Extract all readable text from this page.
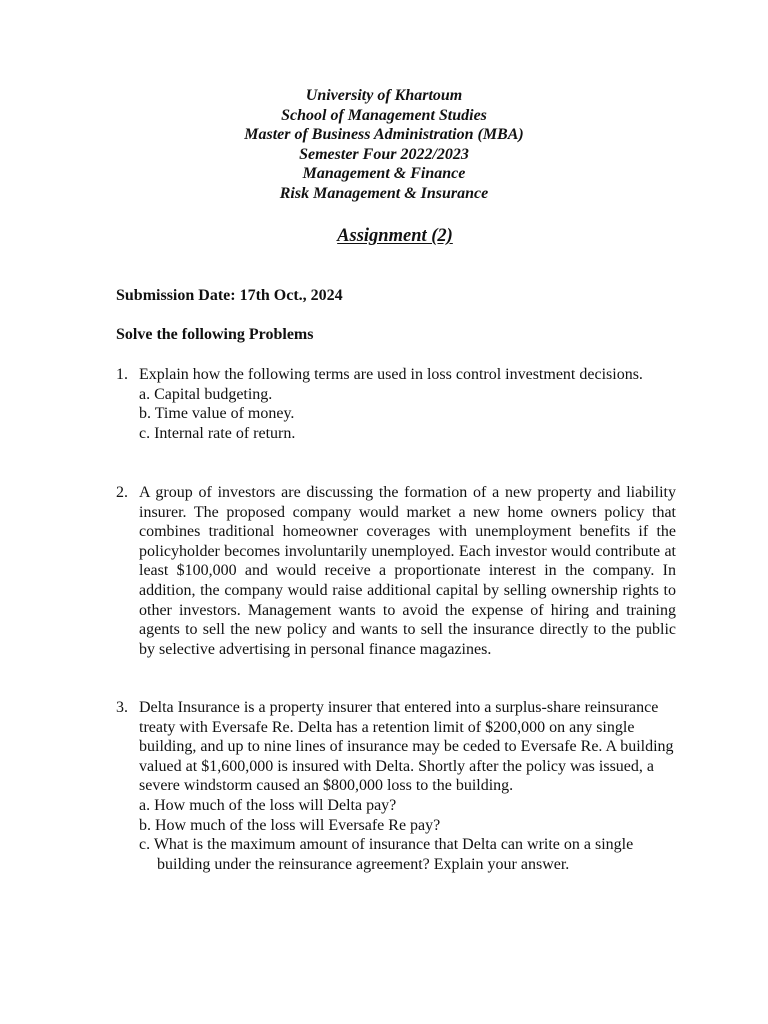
University of Khartoum
School of Management Studies
Master of Business Administration (MBA)
Semester Four 2022/2023
Management & Finance
Risk Management & Insurance
Assignment (2)
Submission Date: 17th Oct., 2024
Solve the following Problems
1. Explain how the following terms are used in loss control investment decisions.
a. Capital budgeting.
b. Time value of money.
c. Internal rate of return.
2. A group of investors are discussing the formation of a new property and liability insurer. The proposed company would market a new home owners policy that combines traditional homeowner coverages with unemployment benefits if the policyholder becomes involuntarily unemployed. Each investor would contribute at least $100,000 and would receive a proportionate interest in the company. In addition, the company would raise additional capital by selling ownership rights to other investors. Management wants to avoid the expense of hiring and training agents to sell the new policy and wants to sell the insurance directly to the public by selective advertising in personal finance magazines.
3. Delta Insurance is a property insurer that entered into a surplus-share reinsurance treaty with Eversafe Re. Delta has a retention limit of $200,000 on any single building, and up to nine lines of insurance may be ceded to Eversafe Re. A building valued at $1,600,000 is insured with Delta. Shortly after the policy was issued, a severe windstorm caused an $800,000 loss to the building.
a. How much of the loss will Delta pay?
b. How much of the loss will Eversafe Re pay?
c. What is the maximum amount of insurance that Delta can write on a single building under the reinsurance agreement? Explain your answer.
